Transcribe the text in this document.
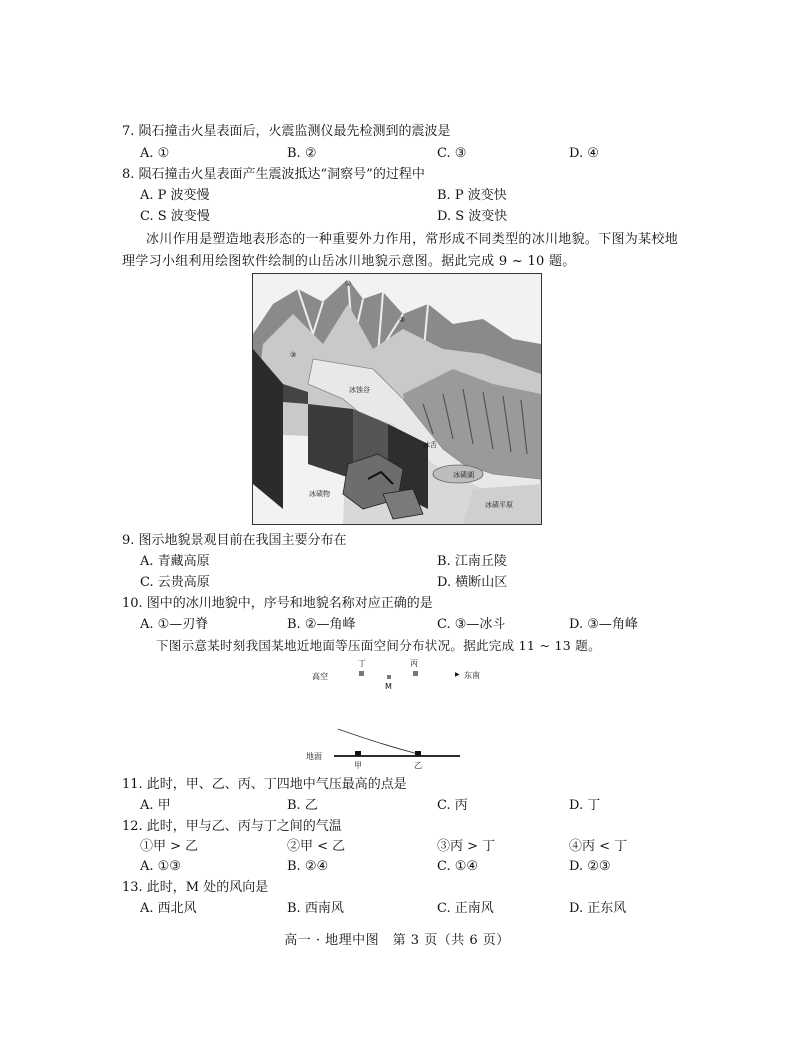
7. 陨石撞击火星表面后，火震监测仪最先检测到的震波是
A. ①	B. ②	C. ③	D. ④
8. 陨石撞击火星表面产生震波抵达“洞察号”的过程中
A. P 波变慢	B. P 波变快
C. S 波变慢	D. S 波变快
冰川作用是塑造地表形态的一种重要外力作用，常形成不同类型的冰川地貌。下图为某校地理学习小组利用绘图软件绘制的山岳冰川地貌示意图。据此完成 9 ~ 10 题。
①
②
③
冰蚀谷
冰舌
冰碛湖
冰碛物
冰碛平原
9. 图示地貌景观目前在我国主要分布在
A. 青藏高原	B. 江南丘陵
C. 云贵高原	D. 横断山区
10. 图中的冰川地貌中，序号和地貌名称对应正确的是
A. ①—刃脊	B. ②—角峰	C. ③—冰斗	D. ③—角峰
下图示意某时刻我国某地近地面等压面空间分布状况。据此完成 11 ~ 13 题。
高空
丁	丙
M
▶ 东南
地面
甲	乙
11. 此时，甲、乙、丙、丁四地中气压最高的点是
A. 甲	B. 乙	C. 丙	D. 丁
12. 此时，甲与乙、丙与丁之间的气温
①甲 > 乙	②甲 < 乙	③丙 > 丁	④丙 < 丁
A. ①③	B. ②④	C. ①④	D. ②③
13. 此时，M 处的风向是
A. 西北风	B. 西南风	C. 正南风	D. 正东风
高一 · 地理中图　第 3 页（共 6 页）
